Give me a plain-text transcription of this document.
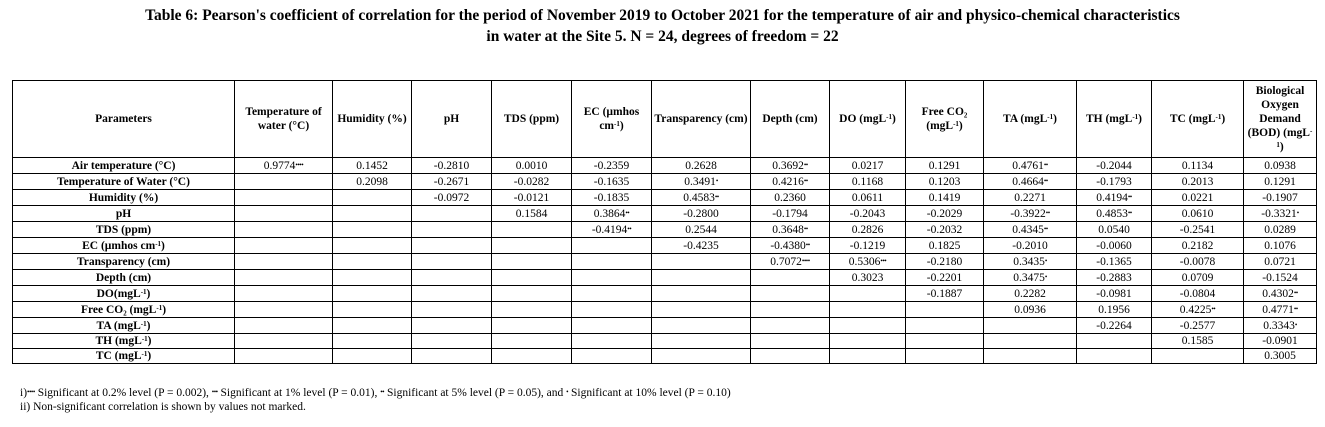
Table 6: Pearson's coefficient of correlation for the period of November 2019 to October 2021 for the temperature of air and physico-chemical characteristics
in water at the Site 5. N = 24, degrees of freedom = 22
Parameters	Temperature of water (°C)	Humidity (%)	pH	TDS (ppm)	EC (µmhos $cm^{-1}$)	Transparency (cm)	Depth (cm)	DO (mgL$^{-1}$)	Free CO₂ (mgL$^{-1}$)	TA (mgL$^{-1}$)	TH (mgL$^{-1}$)	TC (mgL$^{-1}$)	Biological Oxygen Demand (BOD) (mgL$^{-1}$)
Air temperature (°C)	0.9774••••	0.1452	-0.2810	0.0010	-0.2359	0.2628	0.3692••	0.0217	0.1291	0.4761••	-0.2044	0.1134	0.0938
Temperature of Water (°C)		0.2098	-0.2671	-0.0282	-0.1635	0.3491•	0.4216••	0.1168	0.1203	0.4664••	-0.1793	0.2013	0.1291
Humidity (%)			-0.0972	-0.0121	-0.1835	0.4583••	0.2360	0.0611	0.1419	0.2271	0.4194••	0.0221	-0.1907
pH				0.1584	0.3864••	-0.2800	-0.1794	-0.2043	-0.2029	-0.3922••	0.4853••	0.0610	-0.3321•
TDS (ppm)					-0.4194••	0.2544	0.3648••	0.2826	-0.2032	0.4345••	0.0540	-0.2541	0.0289
EC (µmhos $cm^{-1}$)						-0.4235	-0.4380••	-0.1219	0.1825	-0.2010	-0.0060	0.2182	0.1076
Transparency (cm)							0.7072••••	0.5306•••	-0.2180	0.3435•	-0.1365	-0.0078	0.0721
Depth (cm)								0.3023	-0.2201	0.3475•	-0.2883	0.0709	-0.1524
DO(mgL$^{-1}$)									-0.1887	0.2282	-0.0981	-0.0804	0.4302••
Free CO₂ (mgL$^{-1}$)										0.0936	0.1956	0.4225••	0.4771••
TA (mgL$^{-1}$)											-0.2264	-0.2577	0.3343•
TH (mgL$^{-1}$)												0.1585	-0.0901
TC (mgL$^{-1}$)													0.3005
i)•••• Significant at 0.2% level (P = 0.002), ••• Significant at 1% level (P = 0.01), •• Significant at 5% level (P = 0.05), and • Significant at 10% level (P = 0.10)
ii) Non-significant correlation is shown by values not marked.
